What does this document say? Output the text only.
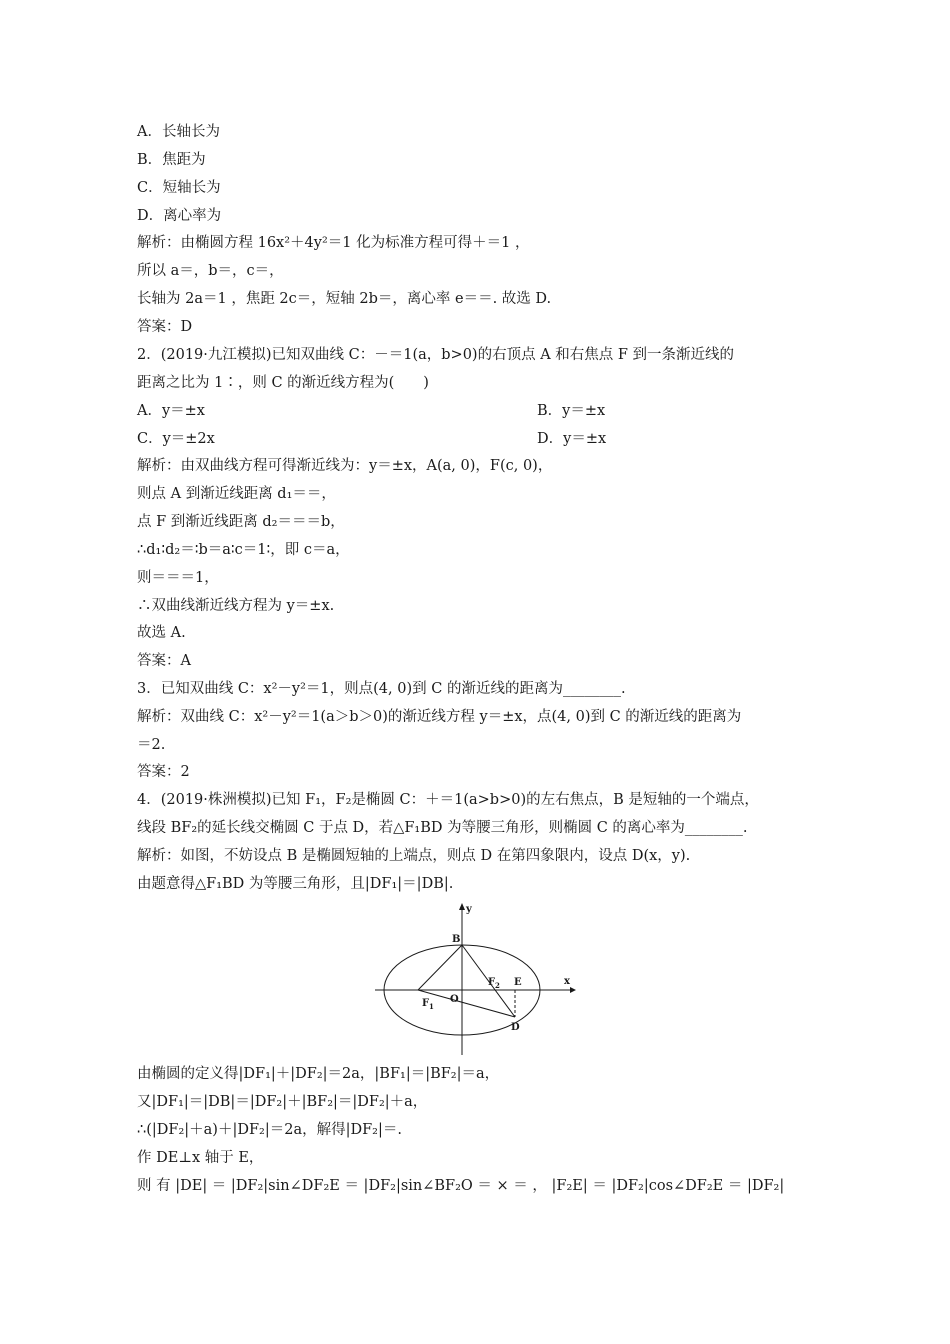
A．长轴长为
B．焦距为
C．短轴长为
D．离心率为
解析：由椭圆方程 16x²＋4y²＝1 化为标准方程可得＋＝1 ，
所以 a＝，b＝，c＝，
长轴为 2a＝1 ，焦距 2c＝，短轴 2b＝，离心率 e＝＝. 故选 D.
答案：D
2．(2019·九江模拟)已知双曲线 C：－＝1(a，b>0)的右顶点 A 和右焦点 F 到一条渐近线的
距离之比为 1∶，则 C 的渐近线方程为(　　)
A．y＝±x	B．y＝±x
C．y＝±2x	D．y＝±x
解析：由双曲线方程可得渐近线为：y＝±x，A(a, 0)，F(c, 0)，
则点 A 到渐近线距离 d₁＝＝，
点 F 到渐近线距离 d₂＝＝＝b，
∴d₁∶d₂＝∶b＝a∶c＝1∶，即 c＝a，
则＝＝＝1，
∴双曲线渐近线方程为 y＝±x.
故选 A.
答案：A
3．已知双曲线 C：x²－y²＝1，则点(4, 0)到 C 的渐近线的距离为________.
解析：双曲线 C：x²－y²＝1(a＞b＞0)的渐近线方程 y＝±x，点(4, 0)到 C 的渐近线的距离为
＝2.
答案：2
4．(2019·株洲模拟)已知 F₁，F₂是椭圆 C：＋＝1(a>b>0)的左右焦点，B 是短轴的一个端点，
线段 BF₂的延长线交椭圆 C 于点 D，若△F₁BD 为等腰三角形，则椭圆 C 的离心率为________.
解析：如图，不妨设点 B 是椭圆短轴的上端点，则点 D 在第四象限内，设点 D(x，y).
由题意得△F₁BD 为等腰三角形，且|DF₁|＝|DB|.
y
x
B
O
F 2 E
F 1
D
由椭圆的定义得|DF₁|＋|DF₂|＝2a，|BF₁|＝|BF₂|＝a，
又|DF₁|＝|DB|＝|DF₂|＋|BF₂|＝|DF₂|＋a，
∴(|DF₂|＋a)＋|DF₂|＝2a，解得|DF₂|＝.
作 DE⊥x 轴于 E，
则 有 |DE| ＝ |DF₂|sin∠DF₂E ＝ |DF₂|sin∠BF₂O ＝ × ＝ ， |F₂E| ＝ |DF₂|cos∠DF₂E ＝ |DF₂|
